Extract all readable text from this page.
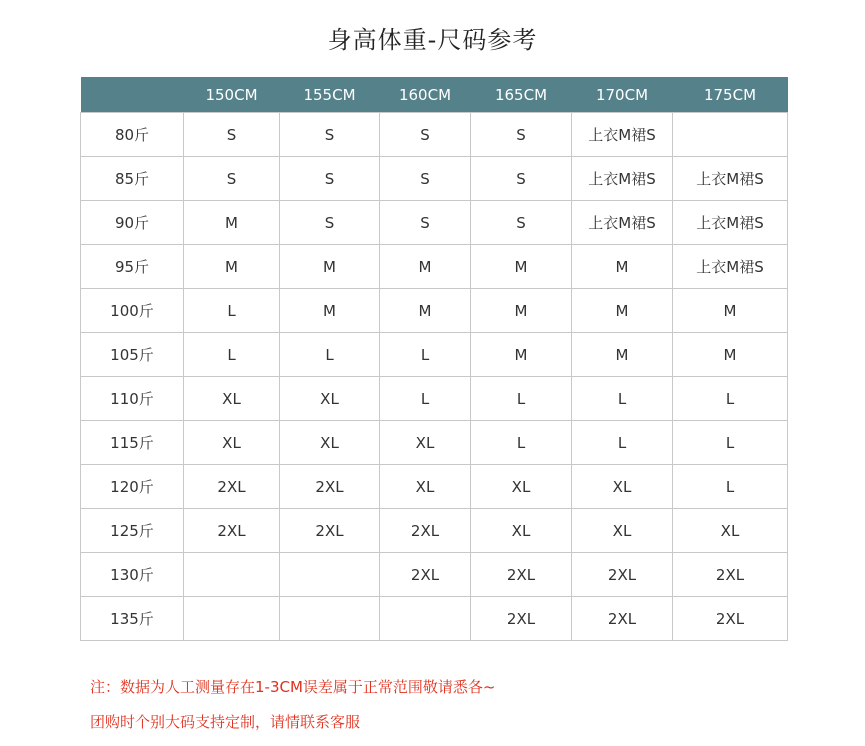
身高体重-尺码参考
	150CM	155CM	160CM	165CM	170CM	175CM
80斤	S	S	S	S	上衣M裙S	
85斤	S	S	S	S	上衣M裙S	上衣M裙S
90斤	M	S	S	S	上衣M裙S	上衣M裙S
95斤	M	M	M	M	M	上衣M裙S
100斤	L	M	M	M	M	M
105斤	L	L	L	M	M	M
110斤	XL	XL	L	L	L	L
115斤	XL	XL	XL	L	L	L
120斤	2XL	2XL	XL	XL	XL	L
125斤	2XL	2XL	2XL	XL	XL	XL
130斤			2XL	2XL	2XL	2XL
135斤				2XL	2XL	2XL
注：数据为人工测量存在1-3CM误差属于正常范围敬请悉各~
团购时个别大码支持定制，请情联系客服
